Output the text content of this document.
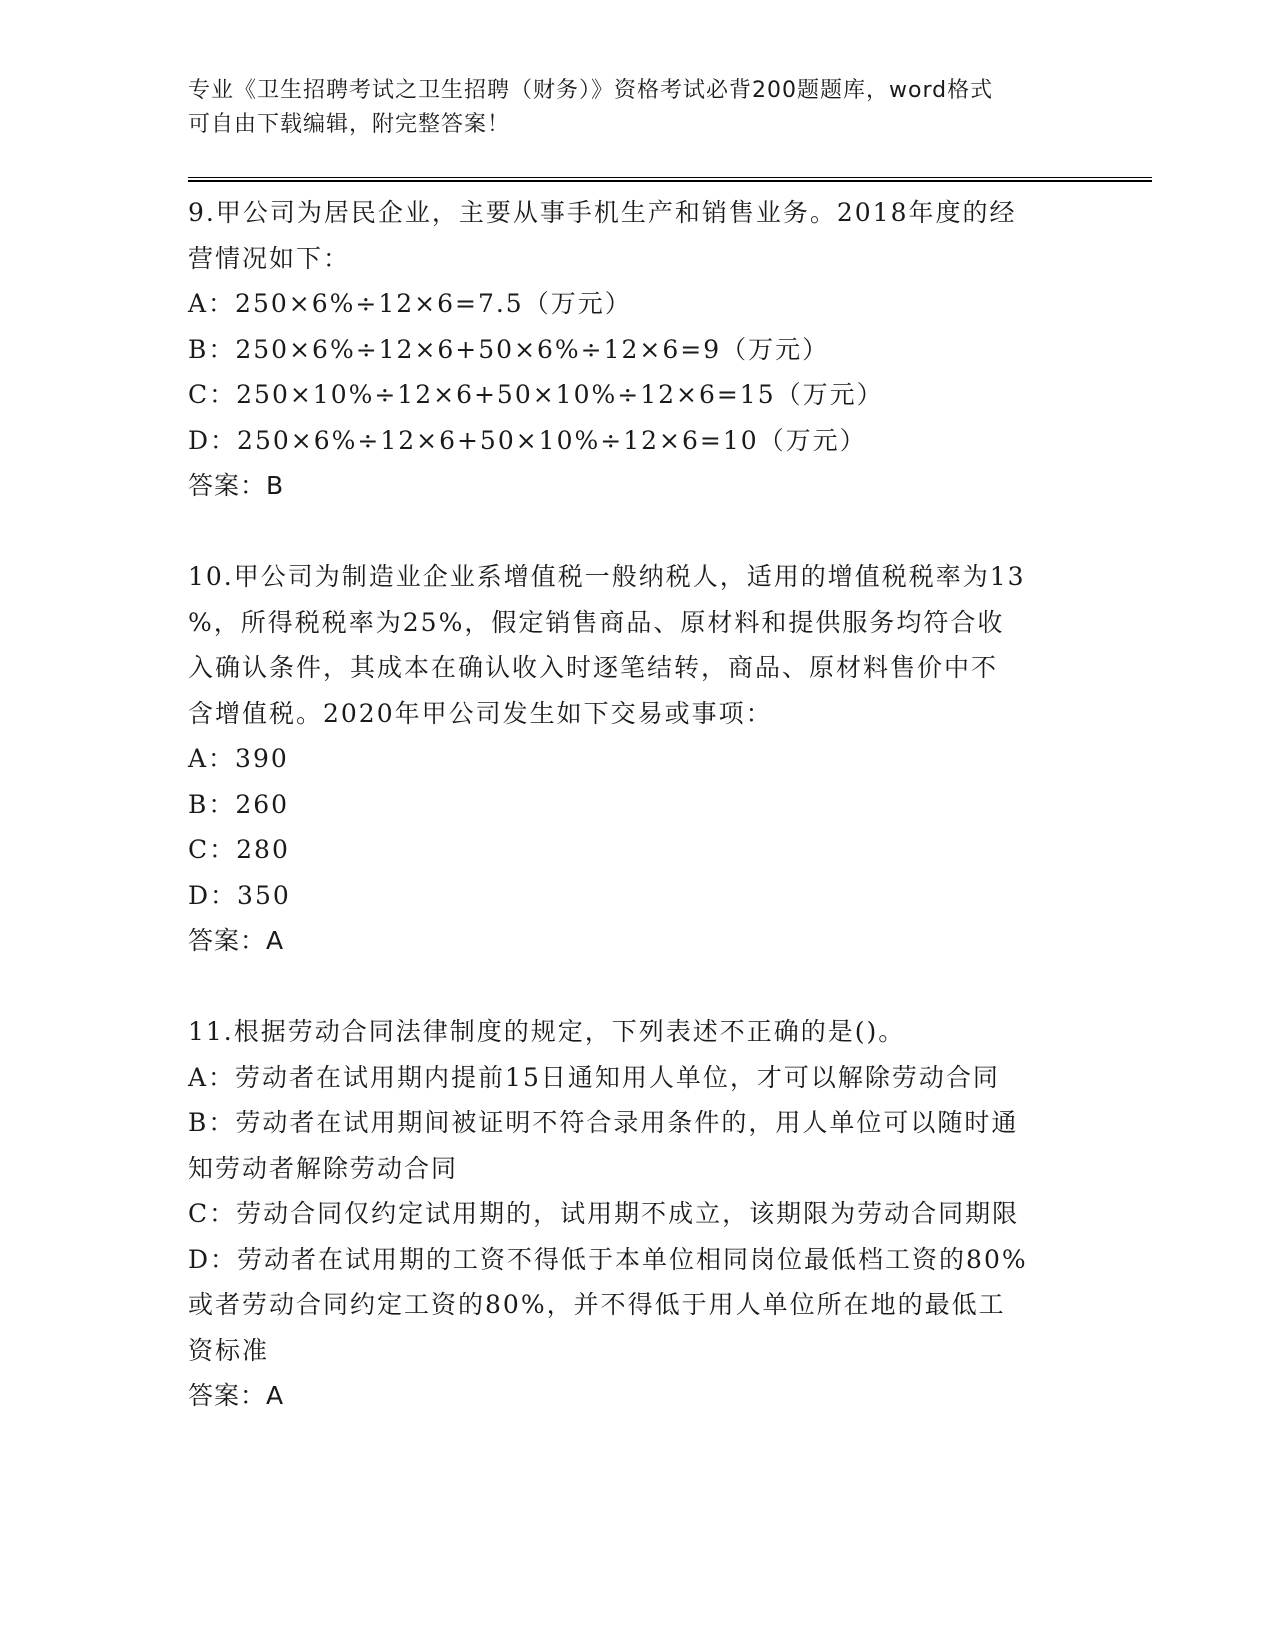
专业《卫生招聘考试之卫生招聘（财务）》资格考试必背200题题库，word格式
可自由下载编辑，附完整答案！

9.甲公司为居民企业，主要从事手机生产和销售业务。2018年度的经

营情况如下：

A：250×6%÷12×6=7.5（万元）

B：250×6%÷12×6+50×6%÷12×6=9（万元）

C：250×10%÷12×6+50×10%÷12×6=15（万元）

D：250×6%÷12×6+50×10%÷12×6=10（万元）

答案：B

10.甲公司为制造业企业系增值税一般纳税人，适用的增值税税率为13

%，所得税税率为25%，假定销售商品、原材料和提供服务均符合收

入确认条件，其成本在确认收入时逐笔结转，商品、原材料售价中不

含增值税。2020年甲公司发生如下交易或事项：

A：390

B：260

C：280

D：350

答案：A

11.根据劳动合同法律制度的规定，下列表述不正确的是()。

A：劳动者在试用期内提前15日通知用人单位，才可以解除劳动合同

B：劳动者在试用期间被证明不符合录用条件的，用人单位可以随时通

知劳动者解除劳动合同

C：劳动合同仅约定试用期的，试用期不成立，该期限为劳动合同期限

D：劳动者在试用期的工资不得低于本单位相同岗位最低档工资的80%

或者劳动合同约定工资的80%，并不得低于用人单位所在地的最低工

资标准

答案：A
